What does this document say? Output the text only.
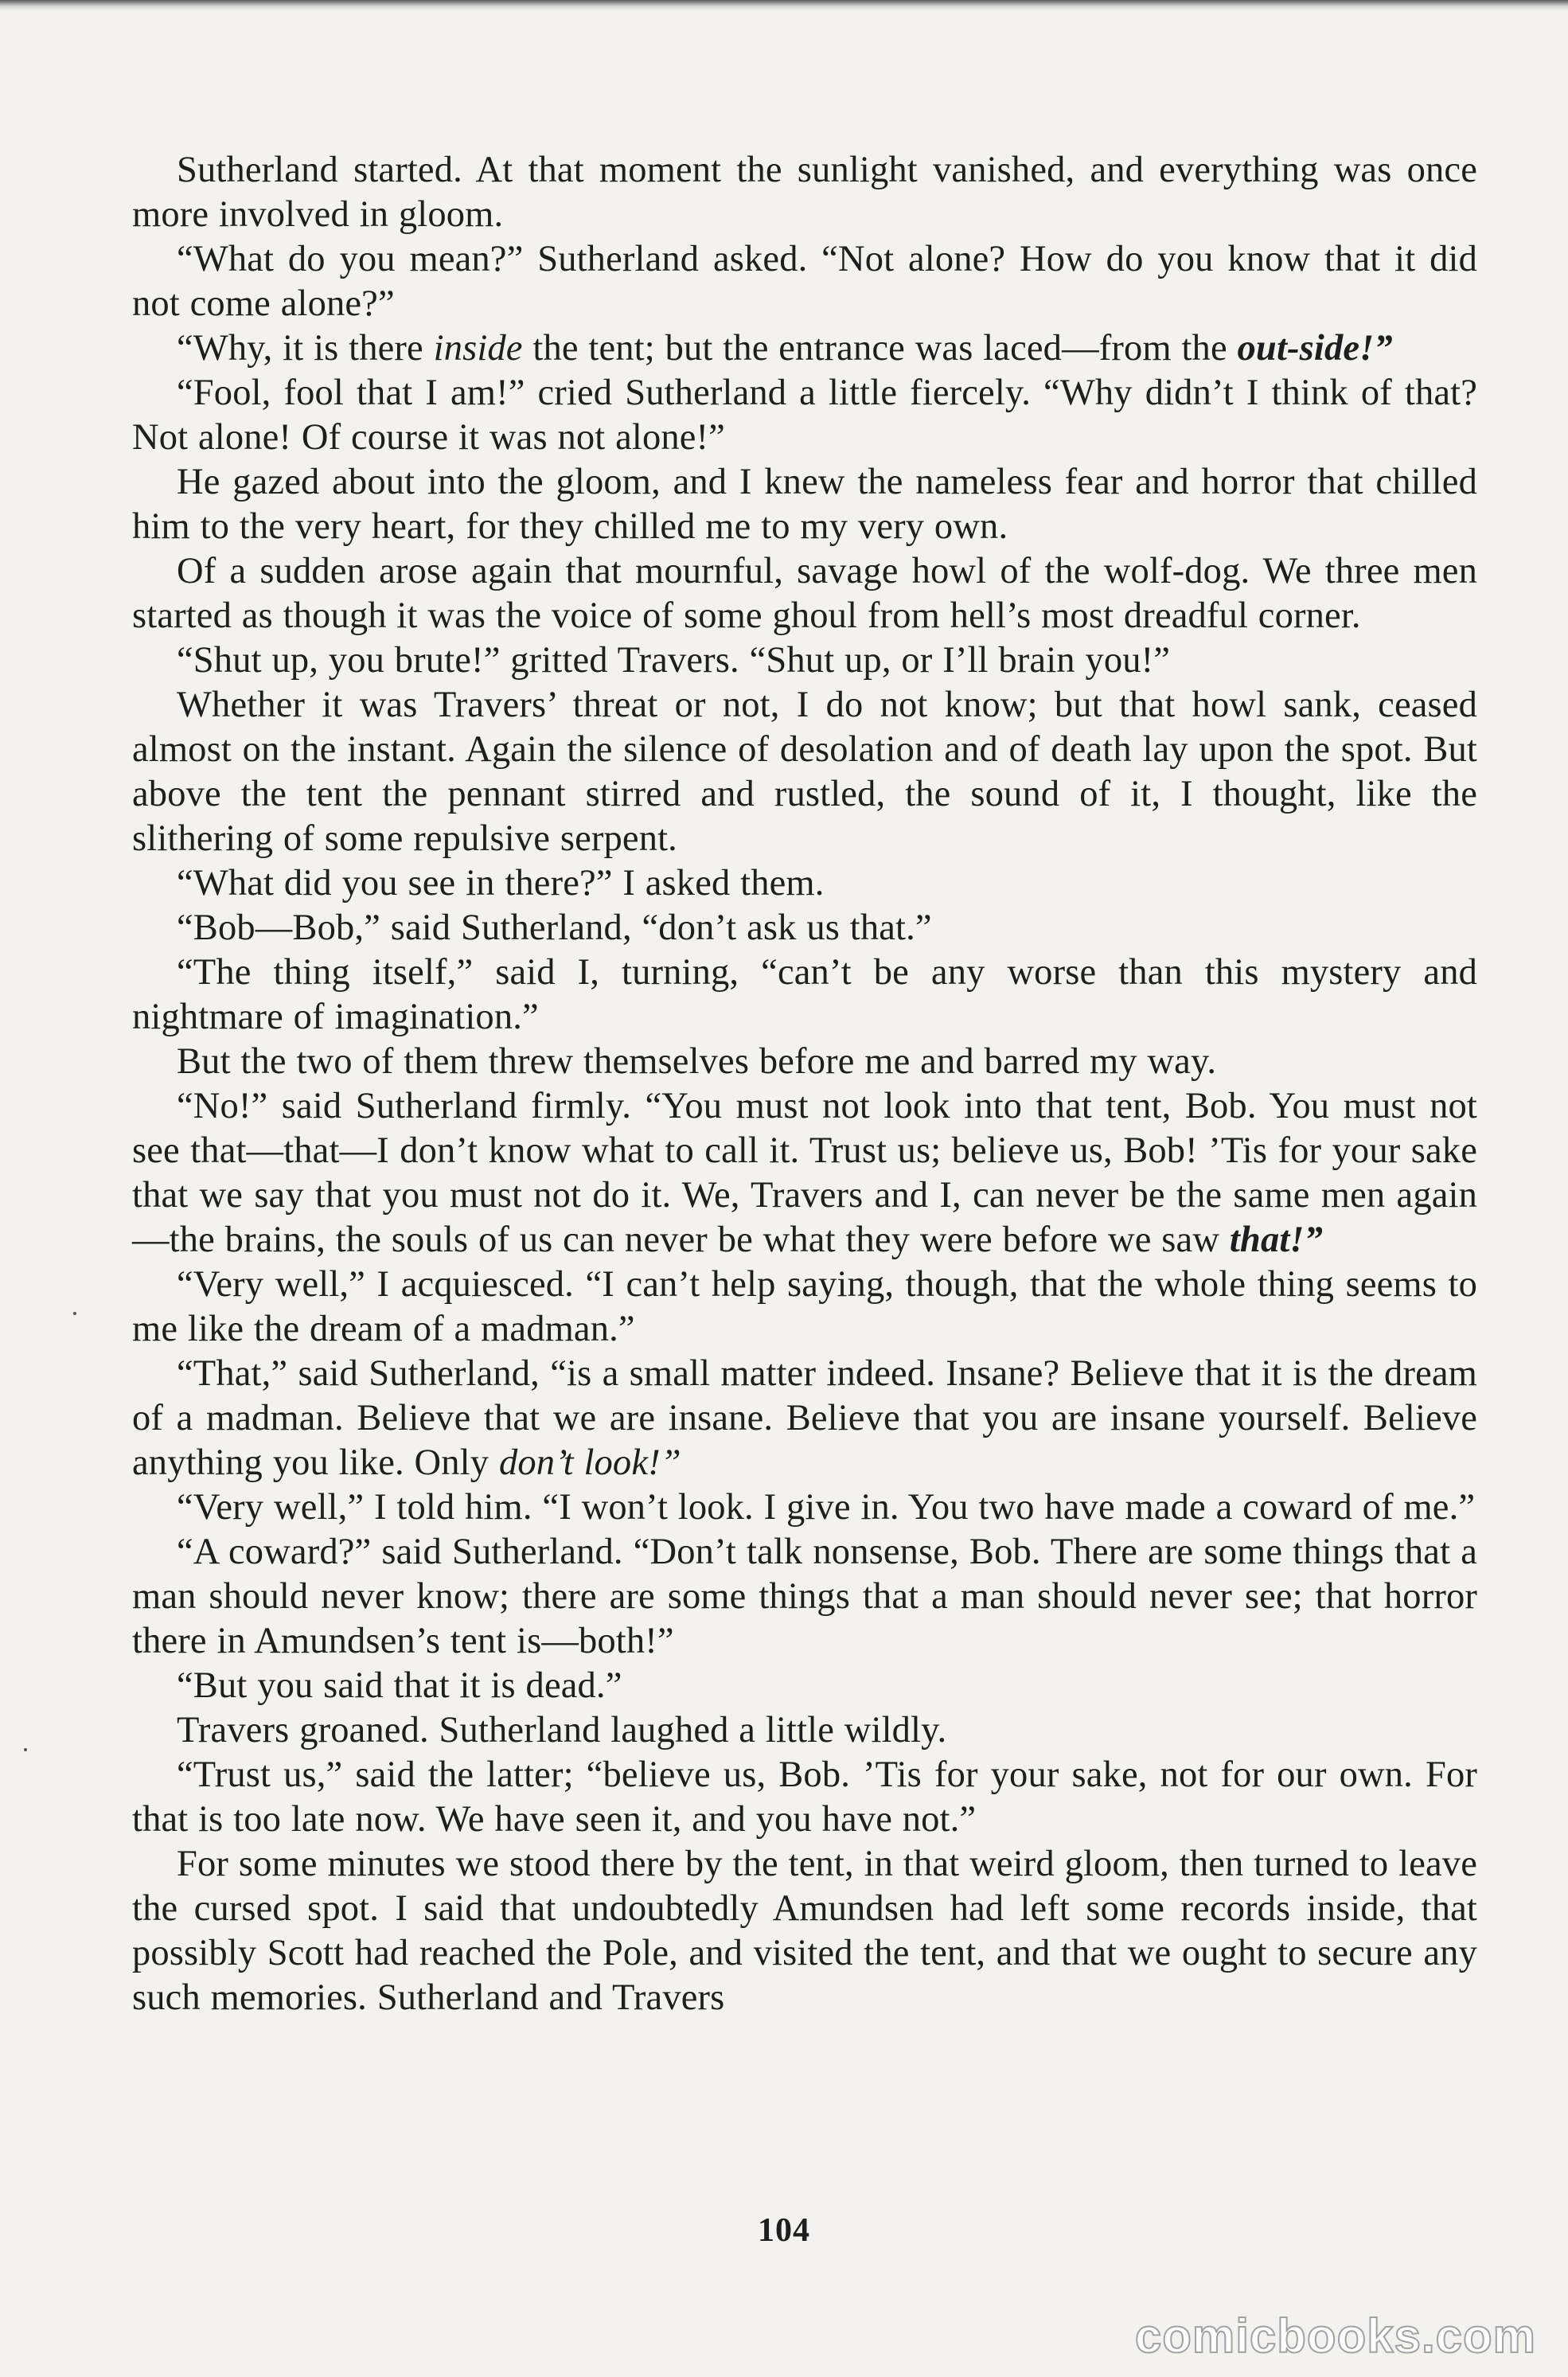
Sutherland started. At that moment the sunlight vanished, and everything was once more involved in gloom.

“What do you mean?” Sutherland asked. “Not alone? How do you know that it did not come alone?”

“Why, it is there inside the tent; but the entrance was laced—from the out-side!”

“Fool, fool that I am!” cried Sutherland a little fiercely. “Why didn’t I think of that? Not alone! Of course it was not alone!”

He gazed about into the gloom, and I knew the nameless fear and horror that chilled him to the very heart, for they chilled me to my very own.

Of a sudden arose again that mournful, savage howl of the wolf-dog. We three men started as though it was the voice of some ghoul from hell’s most dreadful corner.

“Shut up, you brute!” gritted Travers. “Shut up, or I’ll brain you!”

Whether it was Travers’ threat or not, I do not know; but that howl sank, ceased almost on the instant. Again the silence of desolation and of death lay upon the spot. But above the tent the pennant stirred and rustled, the sound of it, I thought, like the slithering of some repulsive serpent.

“What did you see in there?” I asked them.

“Bob—Bob,” said Sutherland, “don’t ask us that.”

“The thing itself,” said I, turning, “can’t be any worse than this mystery and nightmare of imagination.”

But the two of them threw themselves before me and barred my way.

“No!” said Sutherland firmly. “You must not look into that tent, Bob. You must not see that—that—I don’t know what to call it. Trust us; believe us, Bob! ’Tis for your sake that we say that you must not do it. We, Travers and I, can never be the same men again—the brains, the souls of us can never be what they were before we saw that!”

“Very well,” I acquiesced. “I can’t help saying, though, that the whole thing seems to me like the dream of a madman.”

“That,” said Sutherland, “is a small matter indeed. Insane? Believe that it is the dream of a madman. Believe that we are insane. Believe that you are insane yourself. Believe anything you like. Only don’t look!”

“Very well,” I told him. “I won’t look. I give in. You two have made a coward of me.”

“A coward?” said Sutherland. “Don’t talk nonsense, Bob. There are some things that a man should never know; there are some things that a man should never see; that horror there in Amundsen’s tent is—both!”

“But you said that it is dead.”

Travers groaned. Sutherland laughed a little wildly.

“Trust us,” said the latter; “believe us, Bob. ’Tis for your sake, not for our own. For that is too late now. We have seen it, and you have not.”

For some minutes we stood there by the tent, in that weird gloom, then turned to leave the cursed spot. I said that undoubtedly Amundsen had left some records inside, that possibly Scott had reached the Pole, and visited the tent, and that we ought to secure any such memories. Sutherland and Travers

104
comicbooks.com
